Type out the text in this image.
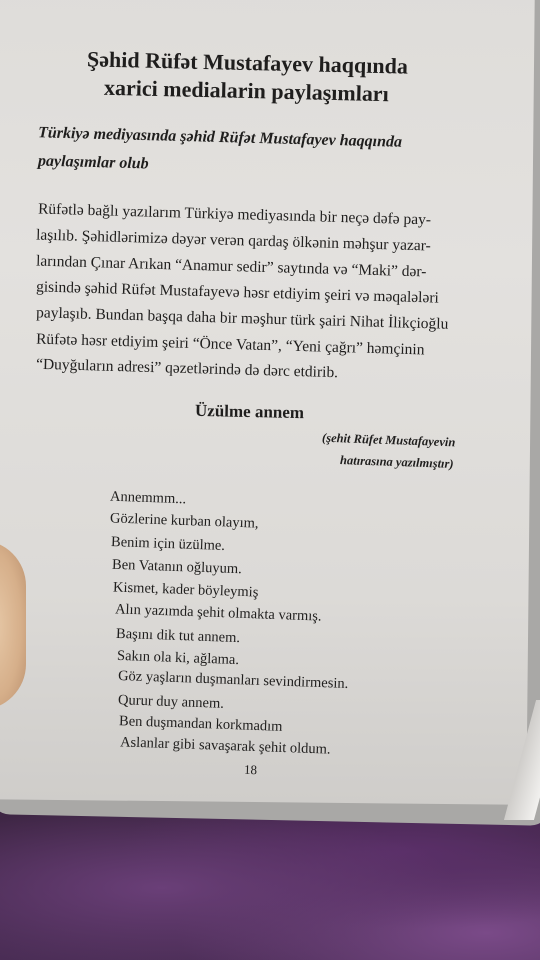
Şəhid Rüfət Mustafayev haqqında
xarici medialarin paylaşımları
Türkiyə mediyasında şəhid Rüfət Mustafayev haqqında
paylaşımlar olub
Rüfətlə bağlı yazılarım Türkiyə mediyasında bir neçə dəfə pay-
laşılıb. Şəhidlərimizə dəyər verən qardaş ölkənin məhşur yazar-
larından Çınar Arıkan “Anamur sedir” saytında və “Maki” dər-
gisində şəhid Rüfət Mustafayevə həsr etdiyim şeiri və məqalələri
paylaşıb. Bundan başqa daha bir məşhur türk şairi Nihat İlikçioğlu
Rüfətə həsr etdiyim şeiri “Önce Vatan”, “Yeni çağrı” həmçinin
“Duyğuların adresi” qəzetlərində də dərc etdirib.
Üzülme annem
(şehit Rüfet Mustafayevin
hatırasına yazılmıştır)
Annemmm...
Gözlerine kurban olayım,
Benim için üzülme.
Ben Vatanın oğluyum.
Kismet, kader böyleymiş
Alın yazımda şehit olmakta varmış.
Başını dik tut annem.
Sakın ola ki, ağlama.
Göz yaşların duşmanları sevindirmesin.
Qurur duy annem.
Ben duşmandan korkmadım
Aslanlar gibi savaşarak şehit oldum.
18
